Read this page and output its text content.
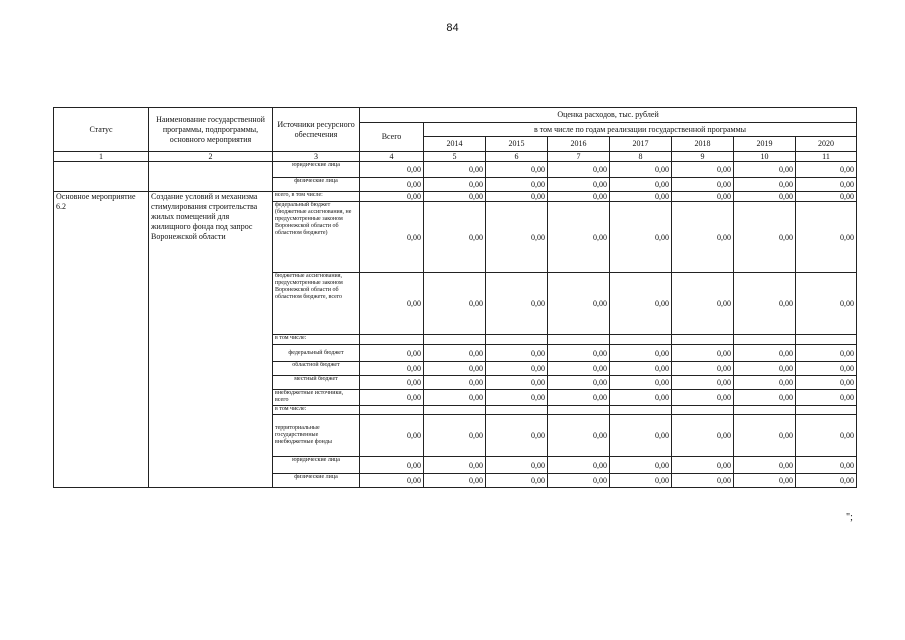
84
Статус	Наименование государственной программы, подпрограммы, основного мероприятия	Источники ресурсного обеспечения	Оценка расходов, тыс. рублей							
			Всего	в том числе по годам реализации государственной программы						
				2014	2015	2016	2017	2018	2019	2020
1	2	3	4	5	6	7	8	9	10	11
		юридические лица	0,00	0,00	0,00	0,00	0,00	0,00	0,00	0,00
		физические лица	0,00	0,00	0,00	0,00	0,00	0,00	0,00	0,00
Основное мероприятие 6.2	Создание условий и механизма стимулирования строительства жилых помещений для жилищного фонда под запрос Воронежской области	всего, в том числе:	0,00	0,00	0,00	0,00	0,00	0,00	0,00	0,00
		федеральный бюджет (бюджетные ассигнования, не предусмотренные законом Воронежской области об областном бюджете)	0,00	0,00	0,00	0,00	0,00	0,00	0,00	0,00
		бюджетные ассигнования, предусмотренные законом Воронежской области об областном бюджете, всего	0,00	0,00	0,00	0,00	0,00	0,00	0,00	0,00
		в том числе:								
		федеральный бюджет	0,00	0,00	0,00	0,00	0,00	0,00	0,00	0,00
		областной бюджет	0,00	0,00	0,00	0,00	0,00	0,00	0,00	0,00
		местный бюджет	0,00	0,00	0,00	0,00	0,00	0,00	0,00	0,00
		внебюджетные источники, всего	0,00	0,00	0,00	0,00	0,00	0,00	0,00	0,00
		в том числе:								
		территориальные государственные внебюджетные фонды	0,00	0,00	0,00	0,00	0,00	0,00	0,00	0,00
		юридические лица	0,00	0,00	0,00	0,00	0,00	0,00	0,00	0,00
		физические лица	0,00	0,00	0,00	0,00	0,00	0,00	0,00	0,00
";
